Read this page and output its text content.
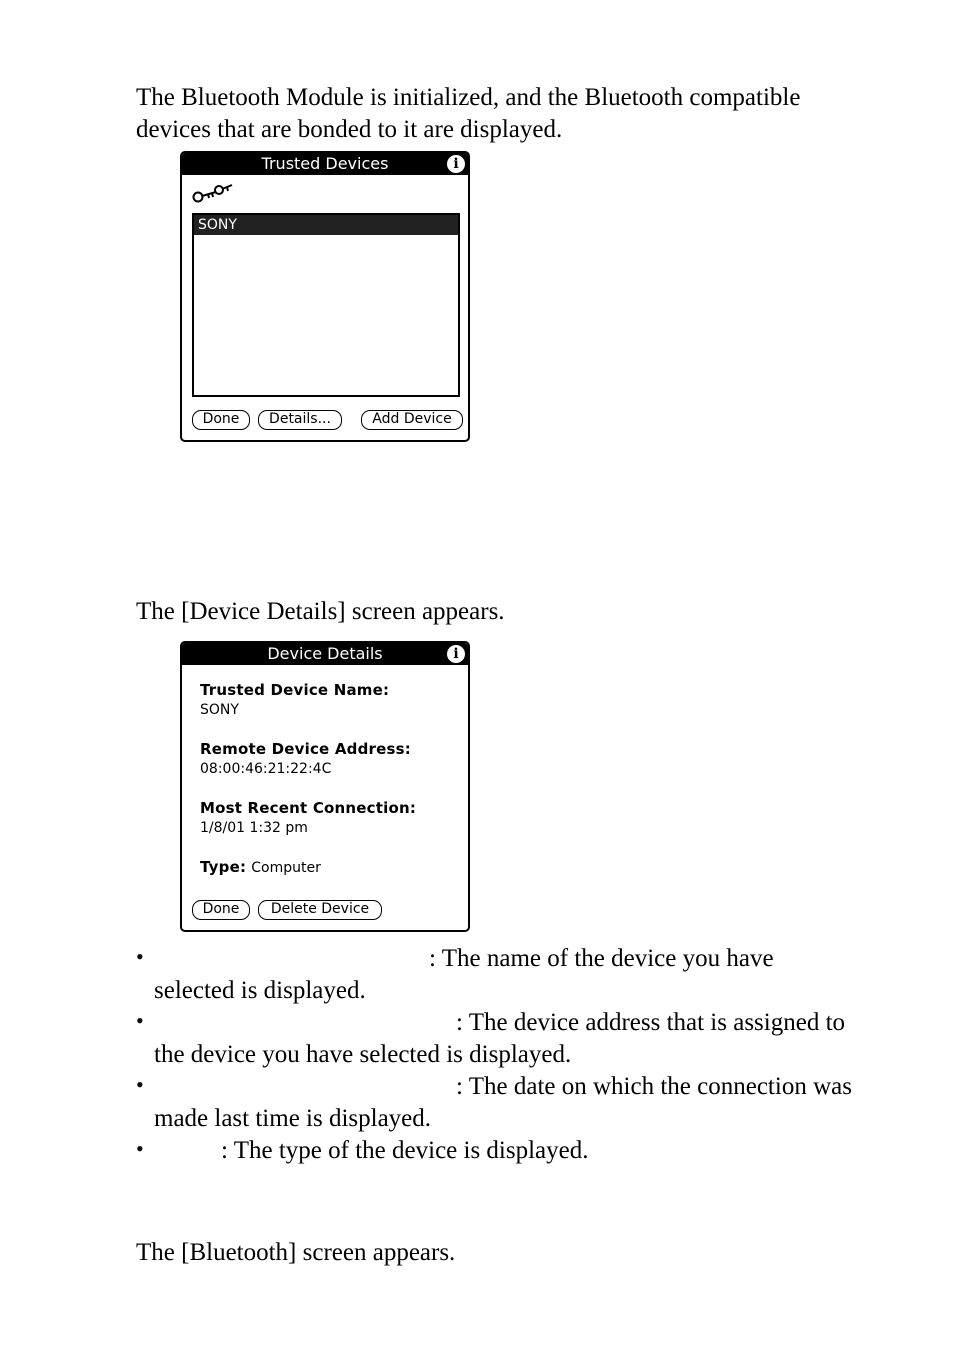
The Bluetooth Module is initialized, and the Bluetooth compatible
devices that are bonded to it are displayed.

Trusted Devices	i
SONY
Done	Details...	Add Device

The [Device Details] screen appears.

Device Details	i
Trusted Device Name:
SONY
Remote Device Address:
08:00:46:21:22:4C
Most Recent Connection:
1/8/01 1:32 pm
Type: Computer
Done	Delete Device
•	: The name of the device you have
selected is displayed.

•	: The device address that is assigned to
the device you have selected is displayed.

•	: The date on which the connection was
made last time is displayed.

•	: The type of the device is displayed.

The [Bluetooth] screen appears.
